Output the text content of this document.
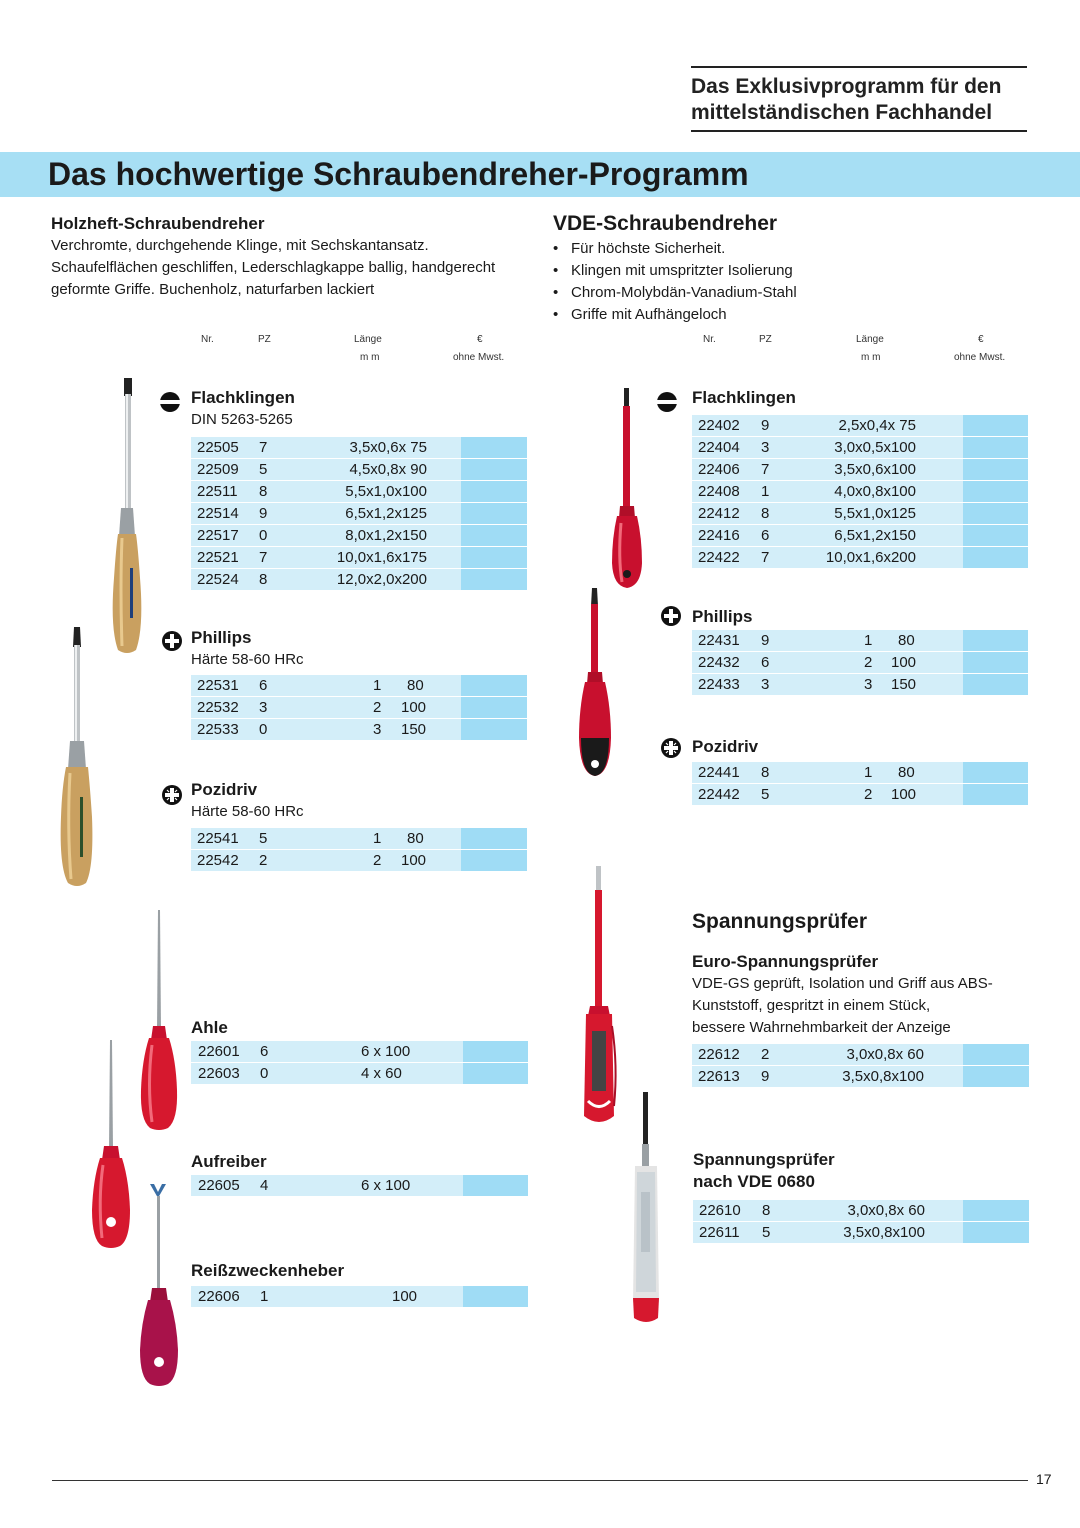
Das Exklusivprogramm für den
mittelständischen Fachhandel
Das hochwertige Schraubendreher-Programm
Holzheft-Schraubendreher
Verchromte, durchgehende Klinge, mit Sechskantansatz.
Schaufelflächen geschliffen, Lederschlagkappe ballig, handgerecht
geformte Griffe. Buchenholz, naturfarben lackiert
VDE-Schraubendreher
• Für höchste Sicherheit.
• Klingen mit umspritzter Isolierung
• Chrom-Molybdän-Vanadium-Stahl
• Griffe mit Aufhängeloch
Nr.	PZ	Länge
m m
€
ohne Mwst.
Nr.	PZ	Länge
m m
€
ohne Mwst.
Flachklingen
DIN 5263-5265
22505 7	3,5x0,6x 75
22509 5	4,5x0,8x 90
22511 8	5,5x1,0x100
22514 9	6,5x1,2x125
22517 0	8,0x1,2x150
22521 7	10,0x1,6x175
22524 8	12,0x2,0x200
Phillips
Härte 58-60 HRc
22531 6	1 80
22532 3	2 100
22533 0	3 150
Pozidriv
Härte 58-60 HRc
22541 5	1 80
22542 2	2 100
Ahle
22601 6	6 x 100
22603 0	4 x 60
Aufreiber
22605 4	6 x 100
Reißzweckenheber
22606 1	100
Flachklingen
22402 9	2,5x0,4x 75
22404 3	3,0x0,5x100
22406 7	3,5x0,6x100
22408 1	4,0x0,8x100
22412 8	5,5x1,0x125
22416 6	6,5x1,2x150
22422 7	10,0x1,6x200
Phillips
22431 9	1 80
22432 6	2 100
22433 3	3 150
Pozidriv
22441 8	1 80
22442 5	2 100
Spannungsprüfer
Euro-Spannungsprüfer
VDE-GS geprüft, Isolation und Griff aus ABS-
Kunststoff, gespritzt in einem Stück,
bessere Wahrnehmbarkeit der Anzeige
22612 2	3,0x0,8x 60
22613 9	3,5x0,8x100
Spannungsprüfer
nach VDE 0680
22610 8	3,0x0,8x 60
22611 5	3,5x0,8x100
17
